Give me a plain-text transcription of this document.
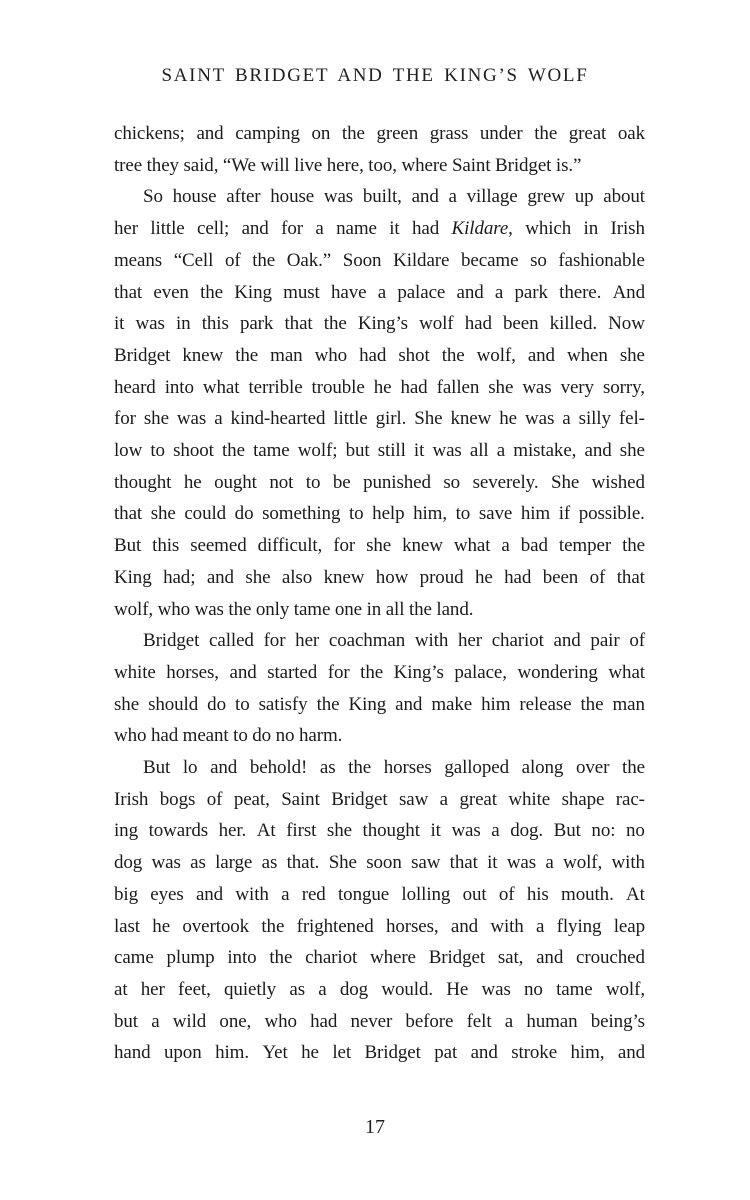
SAINT BRIDGET AND THE KING’S WOLF
chickens; and camping on the green grass under the great oak
tree they said, “We will live here, too, where Saint Bridget is.”
So house after house was built, and a village grew up about
her little cell; and for a name it had Kildare, which in Irish
means “Cell of the Oak.” Soon Kildare became so fashionable
that even the King must have a palace and a park there. And
it was in this park that the King’s wolf had been killed. Now
Bridget knew the man who had shot the wolf, and when she
heard into what terrible trouble he had fallen she was very sorry,
for she was a kind-hearted little girl. She knew he was a silly fel-
low to shoot the tame wolf; but still it was all a mistake, and she
thought he ought not to be punished so severely. She wished
that she could do something to help him, to save him if possible.
But this seemed difficult, for she knew what a bad temper the
King had; and she also knew how proud he had been of that
wolf, who was the only tame one in all the land.
Bridget called for her coachman with her chariot and pair of
white horses, and started for the King’s palace, wondering what
she should do to satisfy the King and make him release the man
who had meant to do no harm.
But lo and behold! as the horses galloped along over the
Irish bogs of peat, Saint Bridget saw a great white shape rac-
ing towards her. At first she thought it was a dog. But no: no
dog was as large as that. She soon saw that it was a wolf, with
big eyes and with a red tongue lolling out of his mouth. At
last he overtook the frightened horses, and with a flying leap
came plump into the chariot where Bridget sat, and crouched
at her feet, quietly as a dog would. He was no tame wolf,
but a wild one, who had never before felt a human being’s
hand upon him. Yet he let Bridget pat and stroke him, and
17
